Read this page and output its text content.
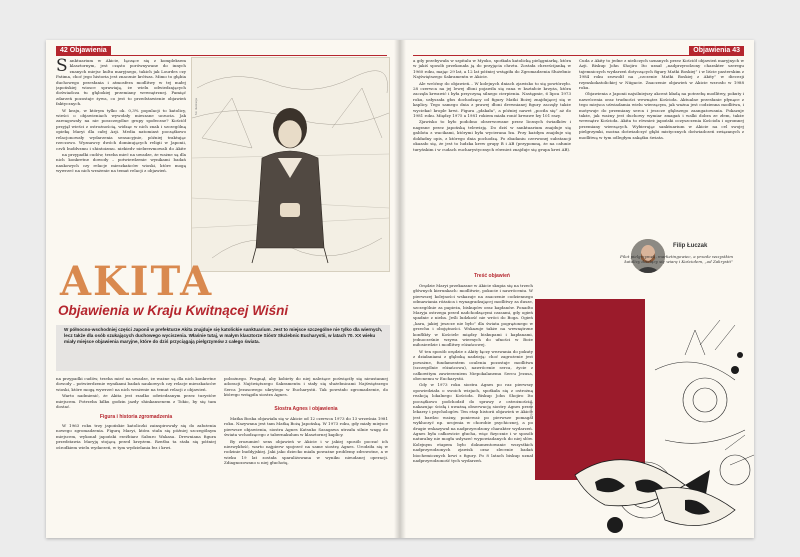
42 Objawienia

Sanktuarium w Akicie, łączące się z kompleksem klasztornym, jest często porównywane do innych znanych miejsc kultu maryjnego, takich jak Lourdes czy Fatima, choć jego historia jest znacznie krótsza. Mimo to głębia duchowego przesłania i atmosfera modlitwy w tej małej japońskiej wiosce sprawiają, że wielu odwiedzających doświadcza tu głębokiej przemiany wewnętrznej. Pamięć zdarzeń pozostaje żywa, co jest to przedstawienie objawień faktycznych.

W kraju, w którym tylko ok. 0,3% populacji to katolicy, wieści o objawieniach wywołały mieszane uczucia. Jak zareagowały na nie poszczególne grupy społeczne? Kościół przyjął wieści z ostrożnością, widząc w nich znak i szczególną opiekę Maryi dla całej Azji. Media natomiast początkowo relacjonowały wydarzenia sensacyjnie, później traktując rzeczowo. Wyznawcy dwóch dominujących religii w Japonii, czyli buddyzmu i shintoizmu, niekiedy pielgrzymowali do Akity

fot. ilustracja

na przypadki cudów, trzeba mieć na uwadze, że ważne są dla nich konkretne dowody – potwierdzenie wynikami badań naukowych czy relacje mieszkańców wioski, które mogą wywrzeć na nich wrażenie na temat relacji z objawień.

AKITA
Objawienia w Kraju Kwitnącej Wiśni
W północno-wschodniej części Japonii w prefekturze Akita znajduje się katolickie sanktuarium. Jest to miejsce szczególne nie tylko dla wiernych, lecz także dla osób szukających duchowego wyciszenia. Właśnie tutaj, w małym klasztorze Sióstr Służebnic Eucharystii, w latach 70. XX wieku miały miejsce objawienia maryjne, które do dziś przyciągają pielgrzymów z całego świata.

na przypadki cudów, trzeba mieć na uwadze, że ważne są dla nich konkretne dowody – potwierdzenie wynikami badań naukowych czy relacje mieszkańców wioski, które mogą wywrzeć na nich wrażenie na temat relacji z objawień.

Warto nadmienić, że Akita jest rzadko odwiedzanym przez turystów miejscem. Potrzeba kilku godzin jazdy shinkansenem z Tokio, by się tam dostać.

Figura i historia zgromadzenia

W 1963 roku trzy japońskie katoliczki zainspirowały się do założenia nowego zgromadzenia. Figurę Maryi, która stała się później szczególnym miejscem, wykonał japoński rzeźbiarz Saburo Wakasa. Drewniana figura przedstawia Maryję stojącą przed krzyżem. Rzeźba ta stała się później ośrodkiem wielu wydarzeń, w tym wydzielania łez i krwi.

pobożnego. Pragnął, aby kobiety do niej należące poświęciły się nieustannej adoracji Najświętszego Sakramentu i stały się służebnicami Najświętszego Serca Jezusowego ukrytego w Eucharystii. Tak powstało zgromadzenie, do którego wstąpiła siostra Agnes.

Siostra Agnes i objawienia

Matka Boska objawiała się w Akicie od 12 czerwca 1973 do 13 września 1981 roku. Nazywana jest tam Matką Bożą Japońską. W 1973 roku, gdy miały miejsce pierwsze objawienia, siostra Agnes Katsuko Sasagawa utrzała silnie wagę do świata wchodzącego z tabernakulum w klasztornej kaplicy.

By zrozumieć sens objawień w Akicie i w jakiej sposób poczuć ich niezwykłość, warto najpierw spojrzeć na same siostrę Agnes. Urodziła się w rodzinie buddyjskiej. Jaki jako dziecko miała poważne problemy zdrowotne, a w wieku 19 lat została sparaliżowana w wyniku nieudanej operacji. Zdiagnozowano u niej głuchotę,

Objawienia 43

a gdy przebywała w szpitalu w Myoko, spotkała katolicką pielęgniarkę, która w jakiś sposób przekonała ją do przyjęcia chrztu. Została chrześcijanką w 1960 roku, mając 29 lat, a 12 lat później wstąpiła do Zgromadzenia Służebnic Najświętszego Sakramentu w Akicie.

Ale wróćmy do objawień... W kolejnych dniach zjawisko to się powtórzyło. 28 czerwca na jej lewej dłoni pojawiła się rana w kształcie krzyża, która zaczęła krwawić i była przyczyną silnego cierpienia. Następnie, 6 lipca 1973 roku, usłyszała głos dochodzący od figury Matki Bożej znajdującej się w kaplicy. Tego samego dnia z prawej dłoni drewnianej figury zaczęły także wyciekać krople krwi. Figura „płakała”, a później nawet „pociła się” aż do 1981 roku. Między 1975 a 1981 rokiem miała ronić krwawe łzy 101 razy.

Zjawisko to było podobno obserwowane przez licznych świadków i nagrane przez japońską telewizję. Do dziś w sanktuarium znajduje się gablota z wacikami, którymi była wycierana łza. Przy każdym znajduje się dokładny opis, z którego dnia pochodzą. Po zbadaniu czerwonej substancji okazało się, że jest to ludzka krew grupy B i AB (przypomnę, że na całunie turyńskim i w cudach eucharystycznych również znajduje się grupa krwi AB).

Treść objawień

Orędzie Maryi przekazane w Akicie skupia się na trzech głównych kierunkach: modlitwie, pokucie i nawróceniu. W pierwszej kolejności wskazuje na znaczenie codziennego odmawiania różańca i wynagradzającej modlitwy za dusze, szczególnie za papieża, biskupów oraz kapłanów. Ponadto Maryja ostrzega przed nadchodzącymi czasami, gdy ogień spadnie z nieba. Jeśli ludzkość nie wróci do Boga. Ogień „kara, jakiej jeszcze nie było” dla świata pogrążonego w grzechu i obojętności. Wskazuje także na wewnętrzne konflikty w Kościele między biskupami i kapłanami, jednocześnie wzywa wiernych do ufności w Boże miłosierdzie i modlitwy różańcowej.

W ten sposób orędzie z Akity łączy wezwania do pokuty z działaniami z głęboką nadzieją: choć zagrożenie jest poważne, fundamentem ocalenia pozostaje modlitwa (szczególnie różańcowa), nawrócenie serca, życie z całkowitym zawierzeniem Niepokalanemu Sercu Jezusa, obecnemu w Eucharystii.

Gdy w 1973 roku siostra Agnes po raz pierwszy opowiedziała o swoich wizjach, spotkała się z ostrożną reakcją lokalnego Kościoła. Biskup John Shojiro Ito początkowo podchodził do sprawy z ostrożnością, nakazując ścisłą i uważną obserwację siostry Agnes przez lekarzy i psychologów. Ten etap historii objawień w Akicie jest bardzo ważny, ponieważ po pierwsze pomagał wykluczyć np. urojenia w chorobie psychicznej, a po drugie wskazywał na nadprzyrodzony charakter wydarzeń. Agnes była całkowicie głucha, więc fizycznie i w sposób naturalny nie mogła usłyszeć wypowiadanych do niej słów. Kolejnym etapem było dokumentowanie wszystkich nadprzyrodzonych zjawisk oraz zlecenie badań biochemicznych krwi z figury. Po 8 latach biskup uznał nadprzyrodzoność tych wydarzeń.

Cuda z Akity to jedne z nieliczych uznanych przez Kościół objawień maryjnych w Azji. Biskup John Shojiro Ito uznał „nadprzyrodzony charakter szeregu tajemniczych wydarzeń dotyczących figury Matki Boskiej” i w liście pasterskim z 1984 roku zezwolił na „czczenie Matki Boskiej z Akity” w diecezji rzymskokatolickiej w Niigacie. Znaczenie objawień w Akicie wzrosło w 1988 roku.

Objawienia z Japonii najsilniejszy akcent kładą na potrzebę modlitwy, pokuty i nawrócenia oraz trudności wewnątrz Kościoła. Aktualne przesłanie płynące z tego miejsca uświadamia wielu wierzącym, jak ważna jest codzienna modlitwa, i motywuje do przemiany serca i jeszcze głębszego zaangażowania. Pokazuje także, jak ważny jest duchowy wymiar zmagań i walki dobra ze złem, także wewnątrz Kościoła. Akita to również japoński oczyszczenia Kościoła i ogromnej przemiany wierzących. Wybierając sanktuarium w Akicie na cel swojej pielgrzymki, można doświadczyć głębi mistycznych doświadczeń związanych z modlitwą w tym odległym zakątku świata.

Filip Łuczak
Pilot pielgrzymek, marketingowiec, a przede wszystkim katolicy dzielący się wiarą i Kościołem, „od Zakrystii”
fig. ilustracja
